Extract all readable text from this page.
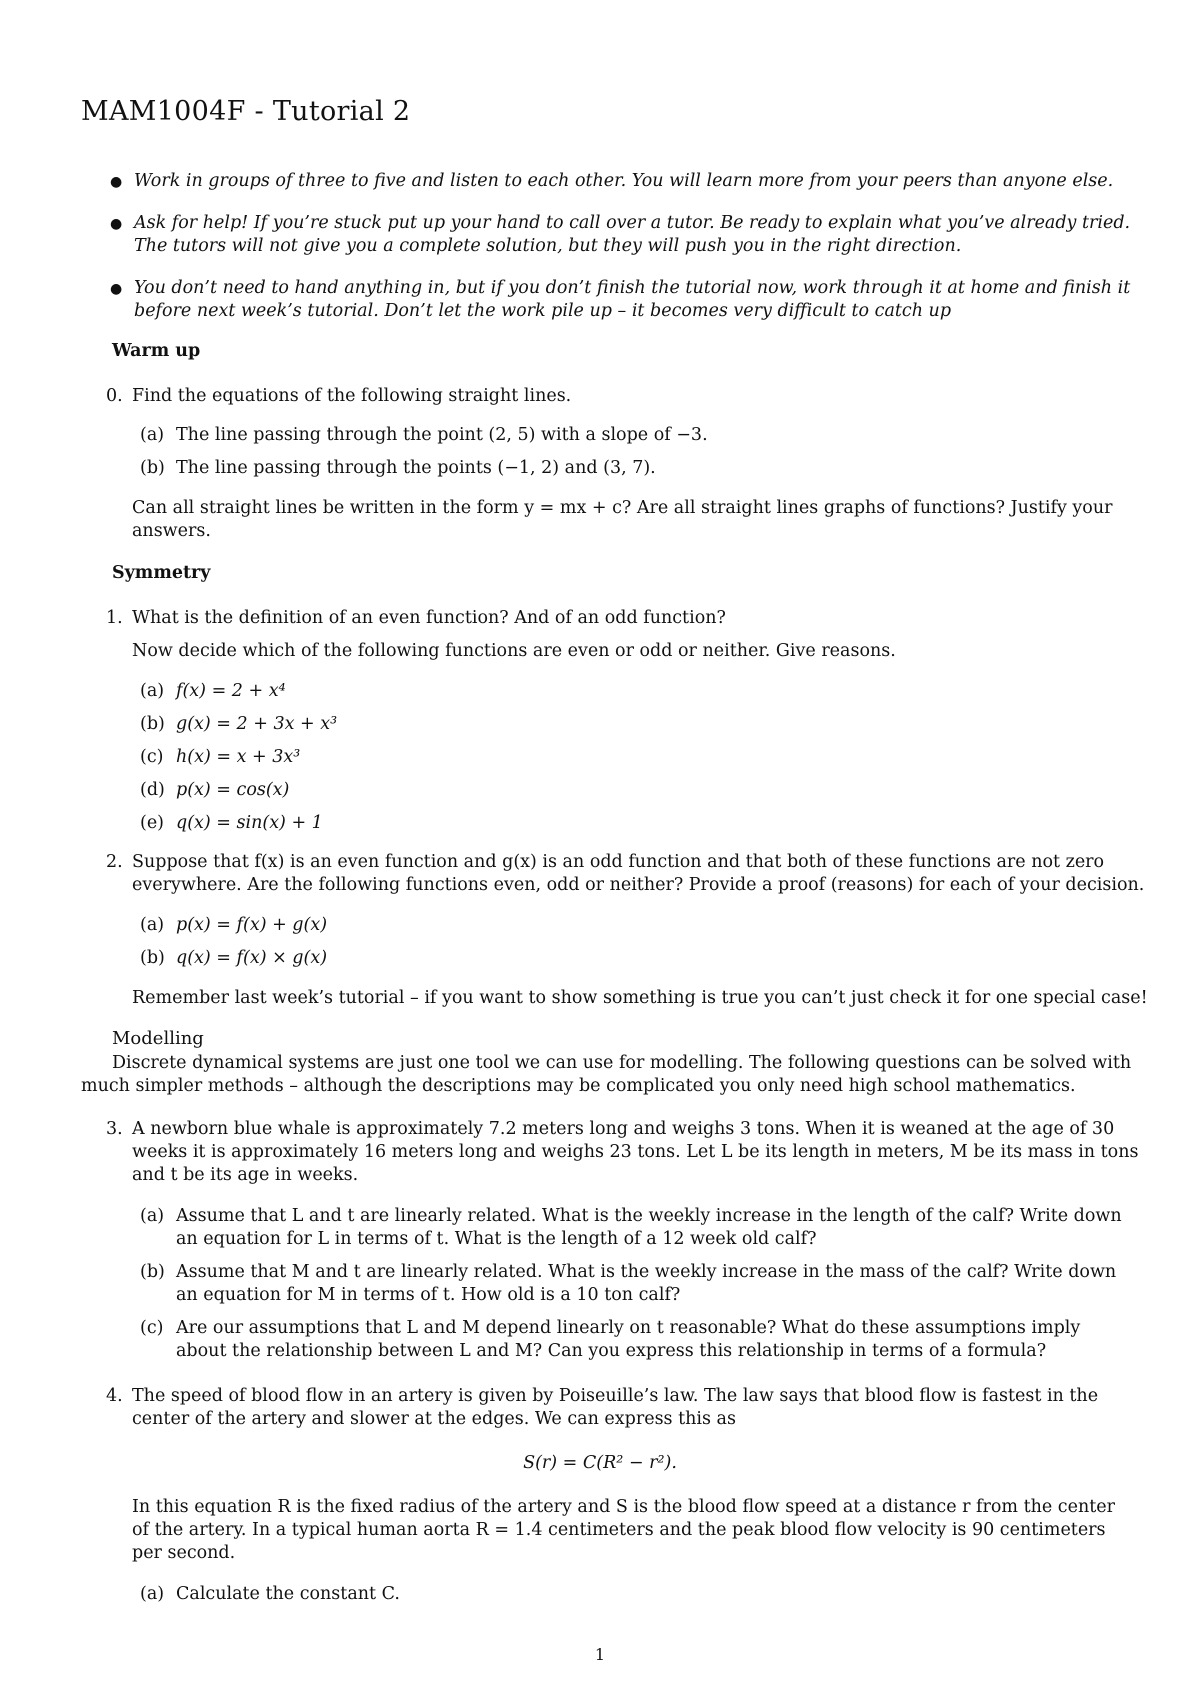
MAM1004F - Tutorial 2
● Work in groups of three to five and listen to each other. You will learn more from your peers than anyone else.
● Ask for help! If you’re stuck put up your hand to call over a tutor. Be ready to explain what you’ve already tried.
The tutors will not give you a complete solution, but they will push you in the right direction.
● You don’t need to hand anything in, but if you don’t finish the tutorial now, work through it at home and finish it
before next week’s tutorial. Don’t let the work pile up – it becomes very difficult to catch up
Warm up
0. Find the equations of the following straight lines.
(a) The line passing through the point (2, 5) with a slope of −3.
(b) The line passing through the points (−1, 2) and (3, 7).
Can all straight lines be written in the form y = mx + c? Are all straight lines graphs of functions? Justify your
answers.
Symmetry
1. What is the definition of an even function? And of an odd function?
Now decide which of the following functions are even or odd or neither. Give reasons.
(a) f(x) = 2 + x⁴
(b) g(x) = 2 + 3x + x³
(c) h(x) = x + 3x³
(d) p(x) = cos(x)
(e) q(x) = sin(x) + 1
2. Suppose that f(x) is an even function and g(x) is an odd function and that both of these functions are not zero
everywhere. Are the following functions even, odd or neither? Provide a proof (reasons) for each of your decision.
(a) p(x) = f(x) + g(x)
(b) q(x) = f(x) × g(x)
Remember last week’s tutorial – if you want to show something is true you can’t just check it for one special case!
Modelling
Discrete dynamical systems are just one tool we can use for modelling. The following questions can be solved with
much simpler methods – although the descriptions may be complicated you only need high school mathematics.
3. A newborn blue whale is approximately 7.2 meters long and weighs 3 tons. When it is weaned at the age of 30
weeks it is approximately 16 meters long and weighs 23 tons. Let L be its length in meters, M be its mass in tons
and t be its age in weeks.
(a) Assume that L and t are linearly related. What is the weekly increase in the length of the calf? Write down
an equation for L in terms of t. What is the length of a 12 week old calf?
(b) Assume that M and t are linearly related. What is the weekly increase in the mass of the calf? Write down
an equation for M in terms of t. How old is a 10 ton calf?
(c) Are our assumptions that L and M depend linearly on t reasonable? What do these assumptions imply
about the relationship between L and M? Can you express this relationship in terms of a formula?
4. The speed of blood flow in an artery is given by Poiseuille’s law. The law says that blood flow is fastest in the
center of the artery and slower at the edges. We can express this as
S(r) = C(R² − r²).
In this equation R is the fixed radius of the artery and S is the blood flow speed at a distance r from the center
of the artery. In a typical human aorta R = 1.4 centimeters and the peak blood flow velocity is 90 centimeters
per second.
(a) Calculate the constant C.
1
